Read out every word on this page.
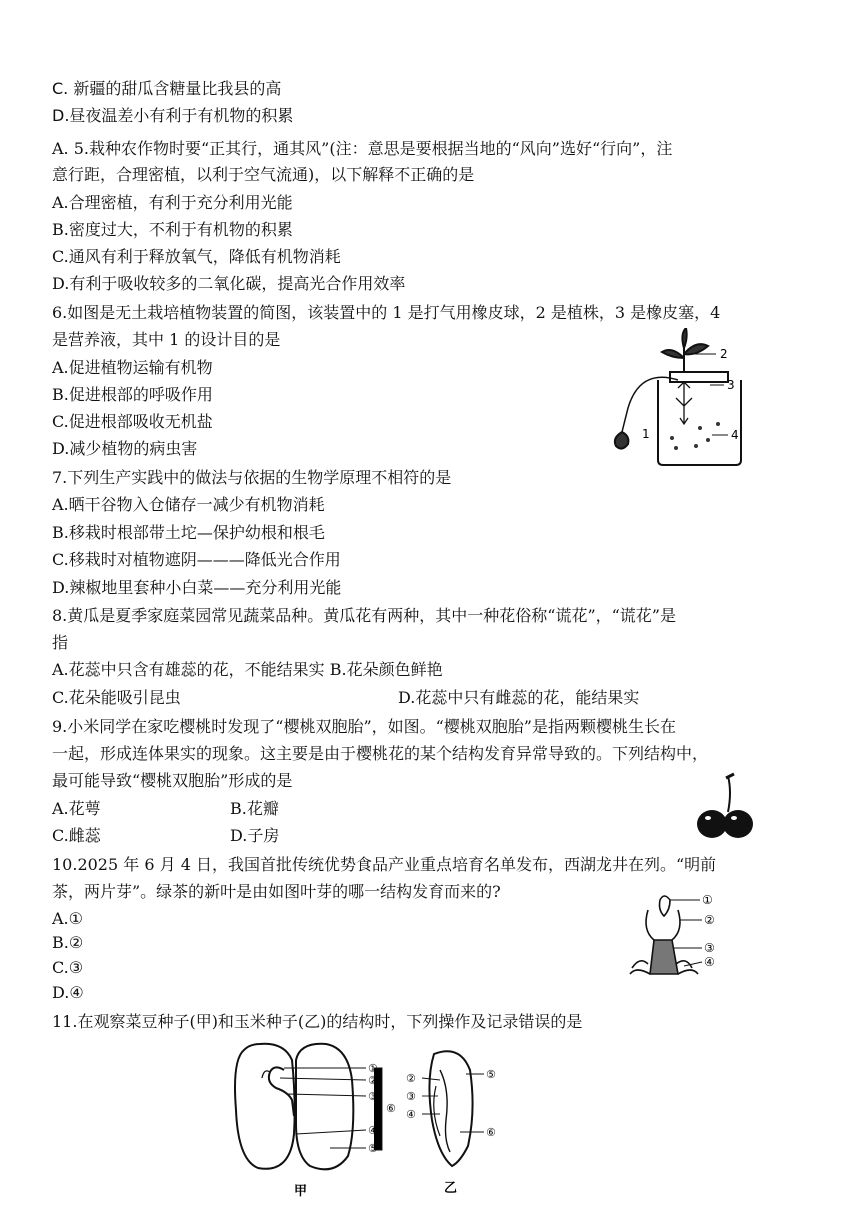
C. 新疆的甜瓜含糖量比我县的高
D.昼夜温差小有利于有机物的积累
A. 5.栽种农作物时要“正其行，通其风”(注：意思是要根据当地的“风向”选好“行向”，注
意行距，合理密植，以利于空气流通)，以下解释不正确的是
A.合理密植，有利于充分利用光能
B.密度过大，不利于有机物的积累
C.通风有利于释放氧气，降低有机物消耗
D.有利于吸收较多的二氧化碳，提高光合作用效率
6.如图是无土栽培植物装置的简图，该装置中的 1 是打气用橡皮球，2 是植株，3 是橡皮塞，4
是营养液，其中 1 的设计目的是
A.促进植物运输有机物
B.促进根部的呼吸作用
C.促进根部吸收无机盐
D.减少植物的病虫害
7.下列生产实践中的做法与依据的生物学原理不相符的是
A.晒干谷物入仓储存一减少有机物消耗
B.移栽时根部带土坨—保护幼根和根毛
C.移栽时对植物遮阴———降低光合作用
D.辣椒地里套种小白菜——充分利用光能
8.黄瓜是夏季家庭菜园常见蔬菜品种。黄瓜花有两种，其中一种花俗称“谎花”，“谎花”是
指
A.花蕊中只含有雄蕊的花，不能结果实 B.花朵颜色鲜艳
C.花朵能吸引昆虫	D.花蕊中只有雌蕊的花，能结果实
9.小米同学在家吃樱桃时发现了“樱桃双胞胎”，如图。“樱桃双胞胎”是指两颗樱桃生长在
一起，形成连体果实的现象。这主要是由于樱桃花的某个结构发育异常导致的。下列结构中，
最可能导致“樱桃双胞胎”形成的是
A.花萼	B.花瓣
C.雌蕊	D.子房
10.2025 年 6 月 4 日，我国首批传统优势食品产业重点培育名单发布，西湖龙井在列。“明前
茶，两片芽”。绿茶的新叶是由如图叶芽的哪一结构发育而来的?
A.①
B.②
C.③
D.④
11.在观察菜豆种子(甲)和玉米种子(乙)的结构时，下列操作及记录错误的是
1
2
3
4
①
②
③
④
①
②
③
④
⑤
⑥
甲
②
③
④
⑤
⑥
乙
